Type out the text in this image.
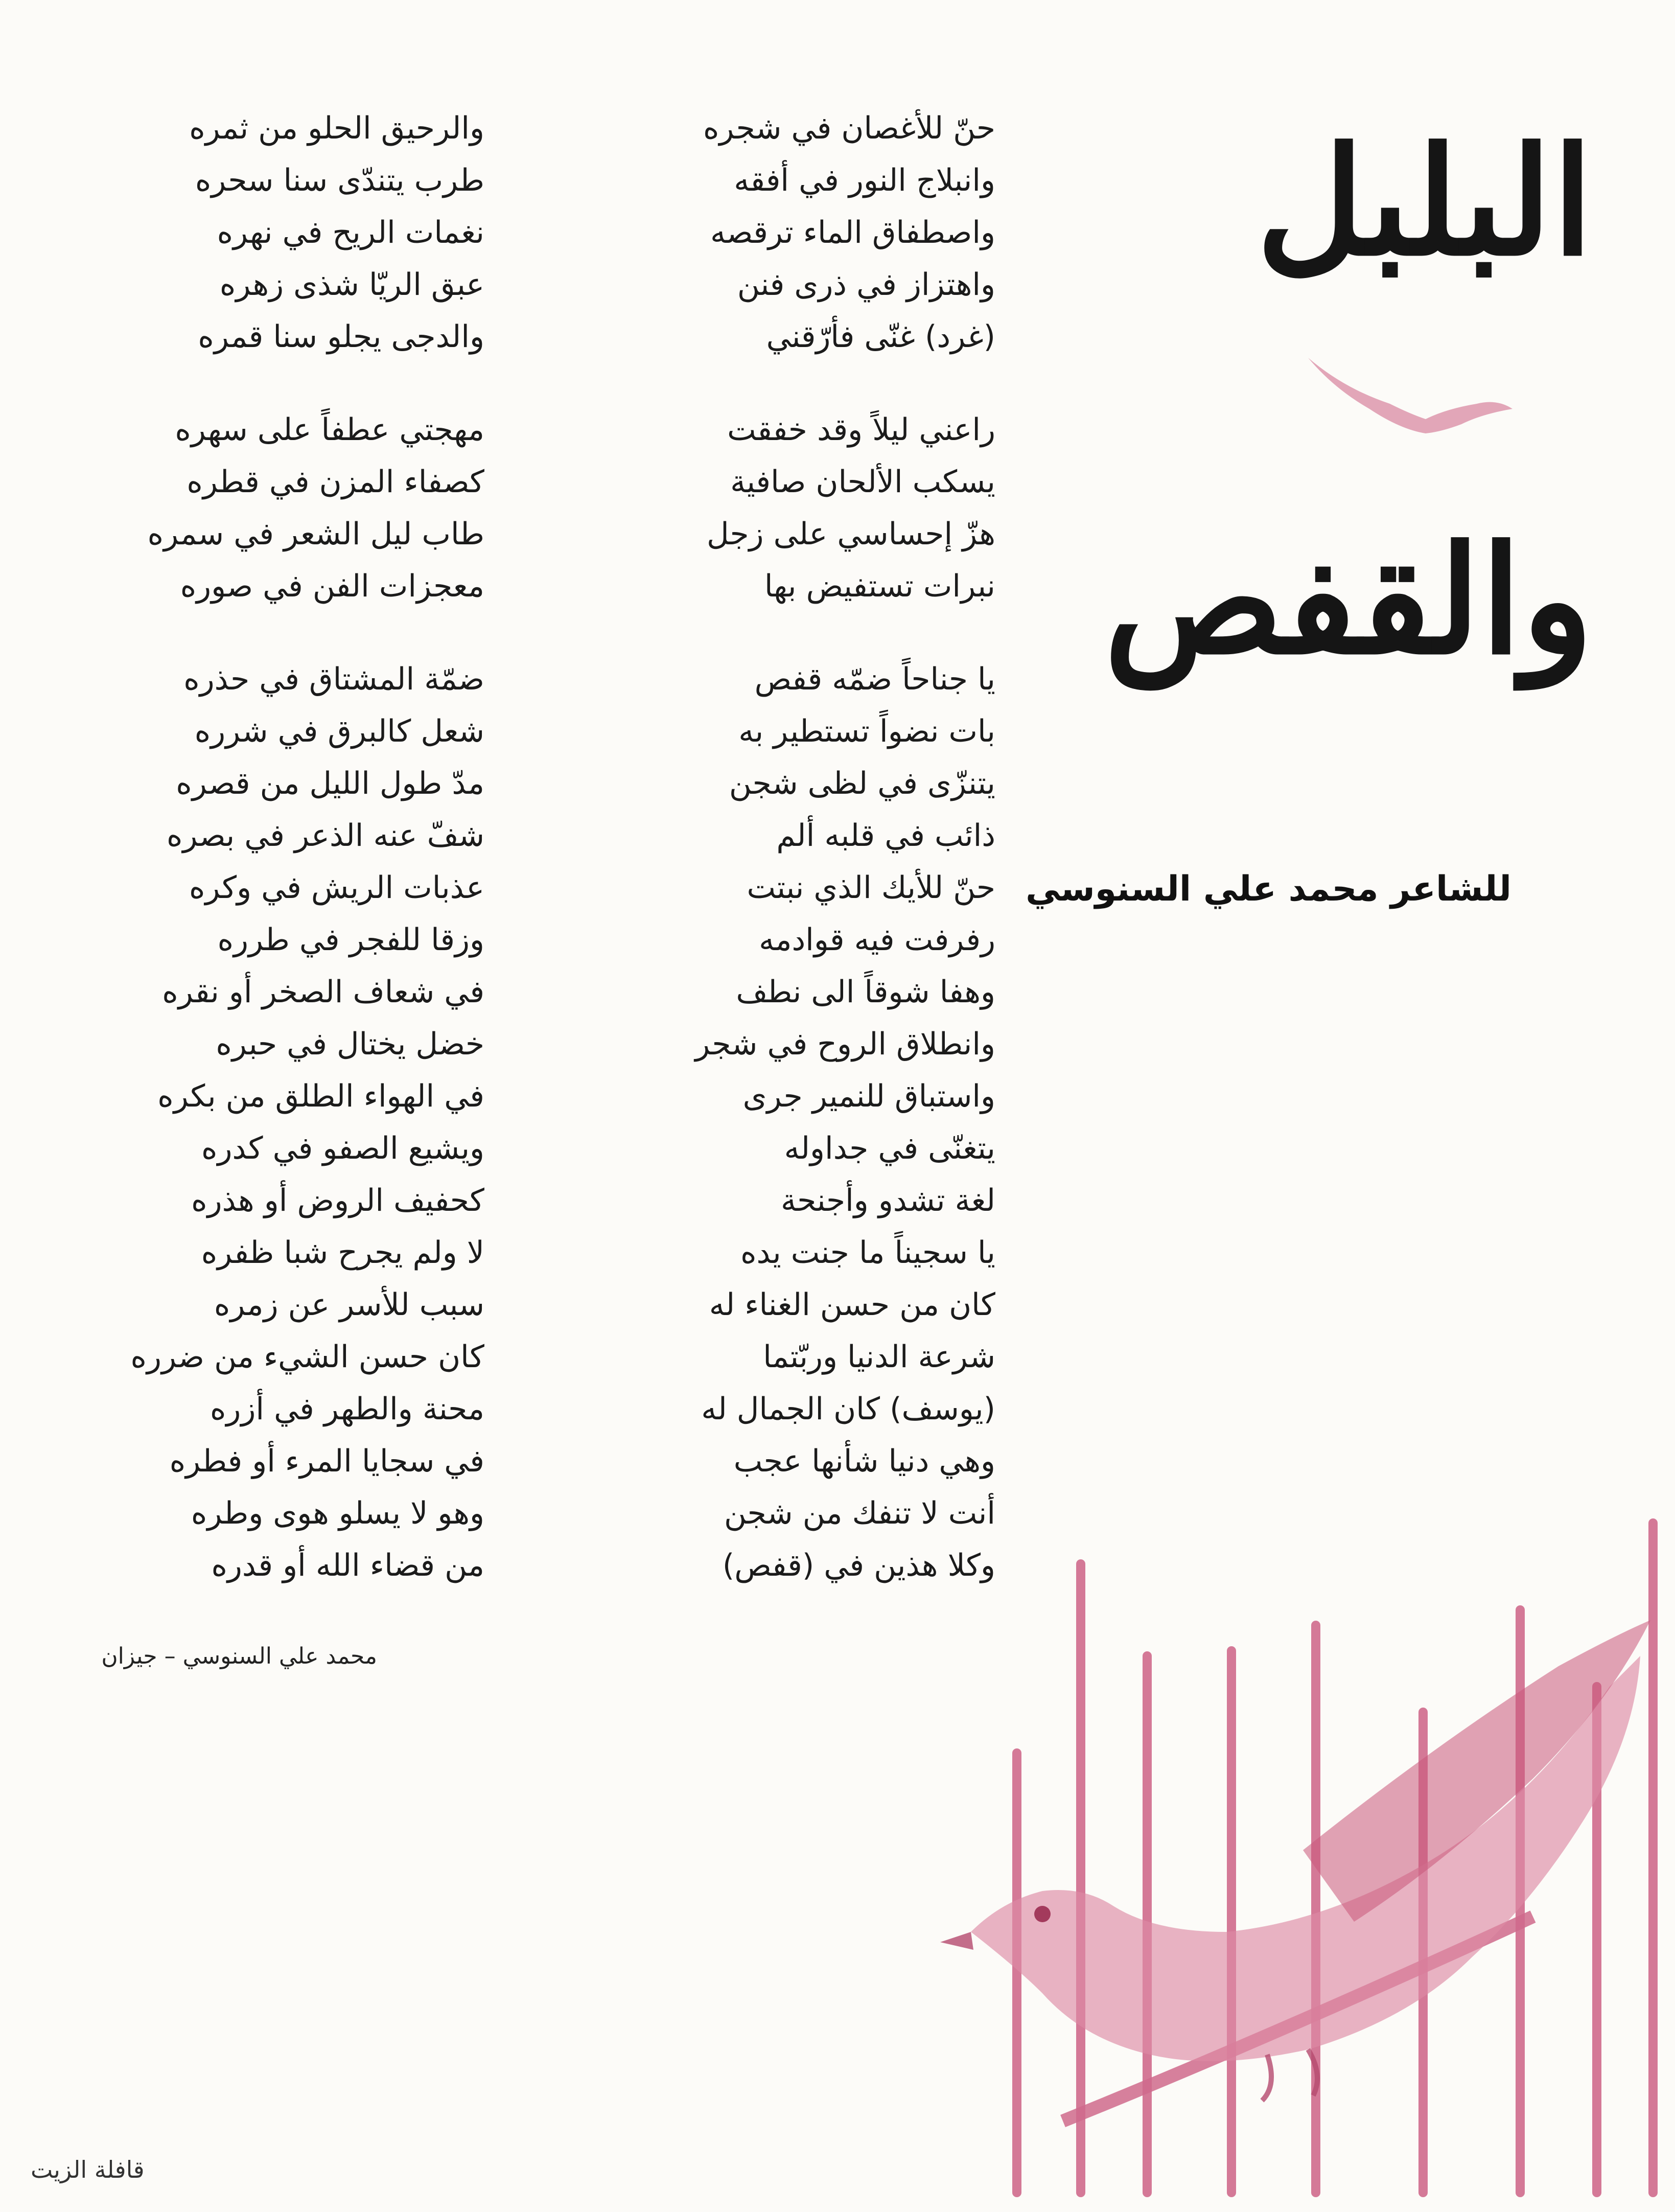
البلبل
والقفص
للشاعر محمد علي السنوسي
حنّ للأغصان في شجره
وانبلاج النور في أفقه
واصطفاق الماء ترقصه
واهتزاز في ذرى فنن
(غرد) غنّى فأرّقني
راعني ليلاً وقد خفقت
يسكب الألحان صافية
هزّ إحساسي على زجل
نبرات تستفيض بها
يا جناحاً ضمّه قفص
بات نضواً تستطير به
يتنزّى في لظى شجن
ذائب في قلبه ألم
حنّ للأيك الذي نبتت
رفرفت فيه قوادمه
وهفا شوقاً الى نطف
وانطلاق الروح في شجر
واستباق للنمير جرى
يتغنّى في جداوله
لغة تشدو وأجنحة
يا سجيناً ما جنت يده
كان من حسن الغناء له
شرعة الدنيا وربّتما
(يوسف) كان الجمال له
وهي دنيا شأنها عجب
أنت لا تنفك من شجن
وكلا هذين في (قفص)
والرحيق الحلو من ثمره
طرب يتندّى سنا سحره
نغمات الريح في نهره
عبق الريّا شذى زهره
والدجى يجلو سنا قمره
مهجتي عطفاً على سهره
كصفاء المزن في قطره
طاب ليل الشعر في سمره
معجزات الفن في صوره
ضمّة المشتاق في حذره
شعل كالبرق في شرره
مدّ طول الليل من قصره
شفّ عنه الذعر في بصره
عذبات الريش في وكره
وزقا للفجر في طرره
في شعاف الصخر أو نقره
خضل يختال في حبره
في الهواء الطلق من بكره
ويشيع الصفو في كدره
كحفيف الروض أو هذره
لا ولم يجرح شبا ظفره
سبب للأسر عن زمره
كان حسن الشيء من ضرره
محنة والطهر في أزره
في سجايا المرء أو فطره
وهو لا يسلو هوى وطره
من قضاء الله أو قدره
محمد علي السنوسي – جيزان
قافلة الزيت
